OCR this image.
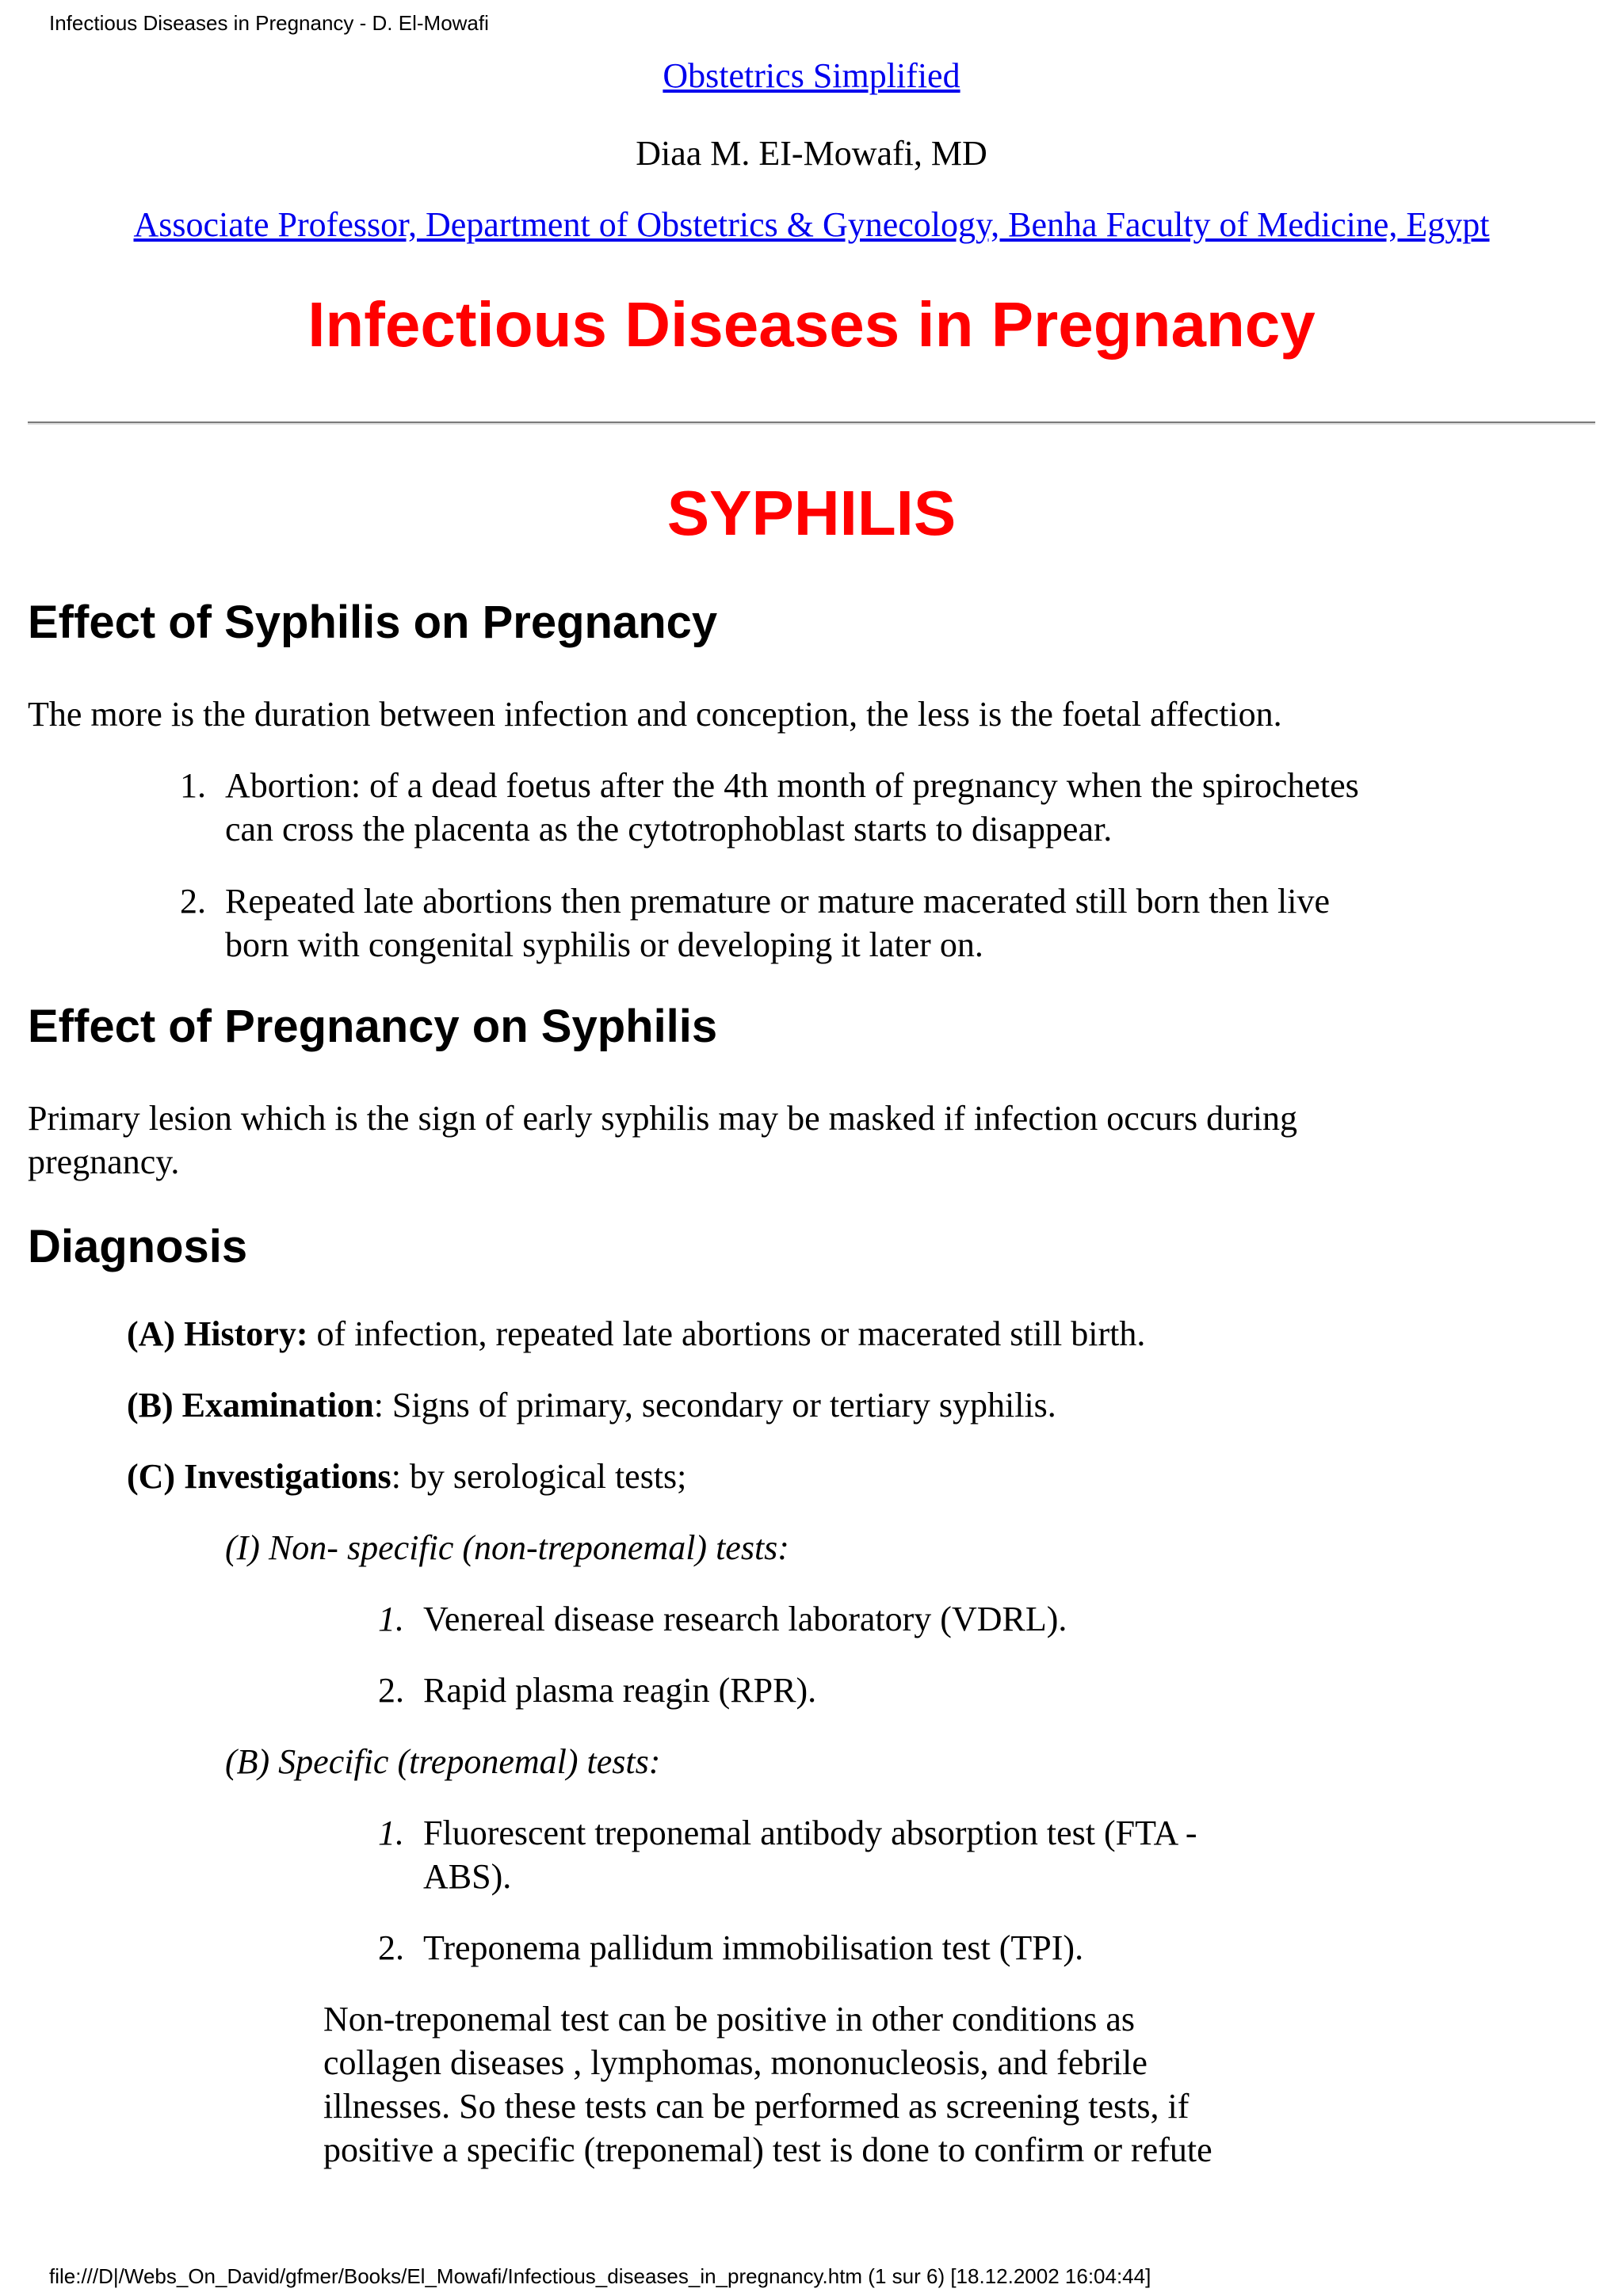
Infectious Diseases in Pregnancy - D. El-Mowafi
Obstetrics Simplified
Diaa M. EI-Mowafi, MD
Associate Professor, Department of Obstetrics & Gynecology, Benha Faculty of Medicine, Egypt
Infectious Diseases in Pregnancy
SYPHILIS
Effect of Syphilis on Pregnancy
The more is the duration between infection and conception, the less is the foetal affection.
1. Abortion: of a dead foetus after the 4th month of pregnancy when the spirochetes
can cross the placenta as the cytotrophoblast starts to disappear.
2. Repeated late abortions then premature or mature macerated still born then live
born with congenital syphilis or developing it later on.
Effect of Pregnancy on Syphilis
Primary lesion which is the sign of early syphilis may be masked if infection occurs during
pregnancy.
Diagnosis
(A) History: of infection, repeated late abortions or macerated still birth.
(B) Examination: Signs of primary, secondary or tertiary syphilis.
(C) Investigations: by serological tests;
(I) Non- specific (non-treponemal) tests:
1. Venereal disease research laboratory (VDRL).
2. Rapid plasma reagin (RPR).
(B) Specific (treponemal) tests:
1. Fluorescent treponemal antibody absorption test (FTA -
ABS).
2. Treponema pallidum immobilisation test (TPI).
Non-treponemal test can be positive in other conditions as
collagen diseases , lymphomas, mononucleosis, and febrile
illnesses. So these tests can be performed as screening tests, if
positive a specific (treponemal) test is done to confirm or refute
file:///D|/Webs_On_David/gfmer/Books/El_Mowafi/Infectious_diseases_in_pregnancy.htm (1 sur 6) [18.12.2002 16:04:44]
